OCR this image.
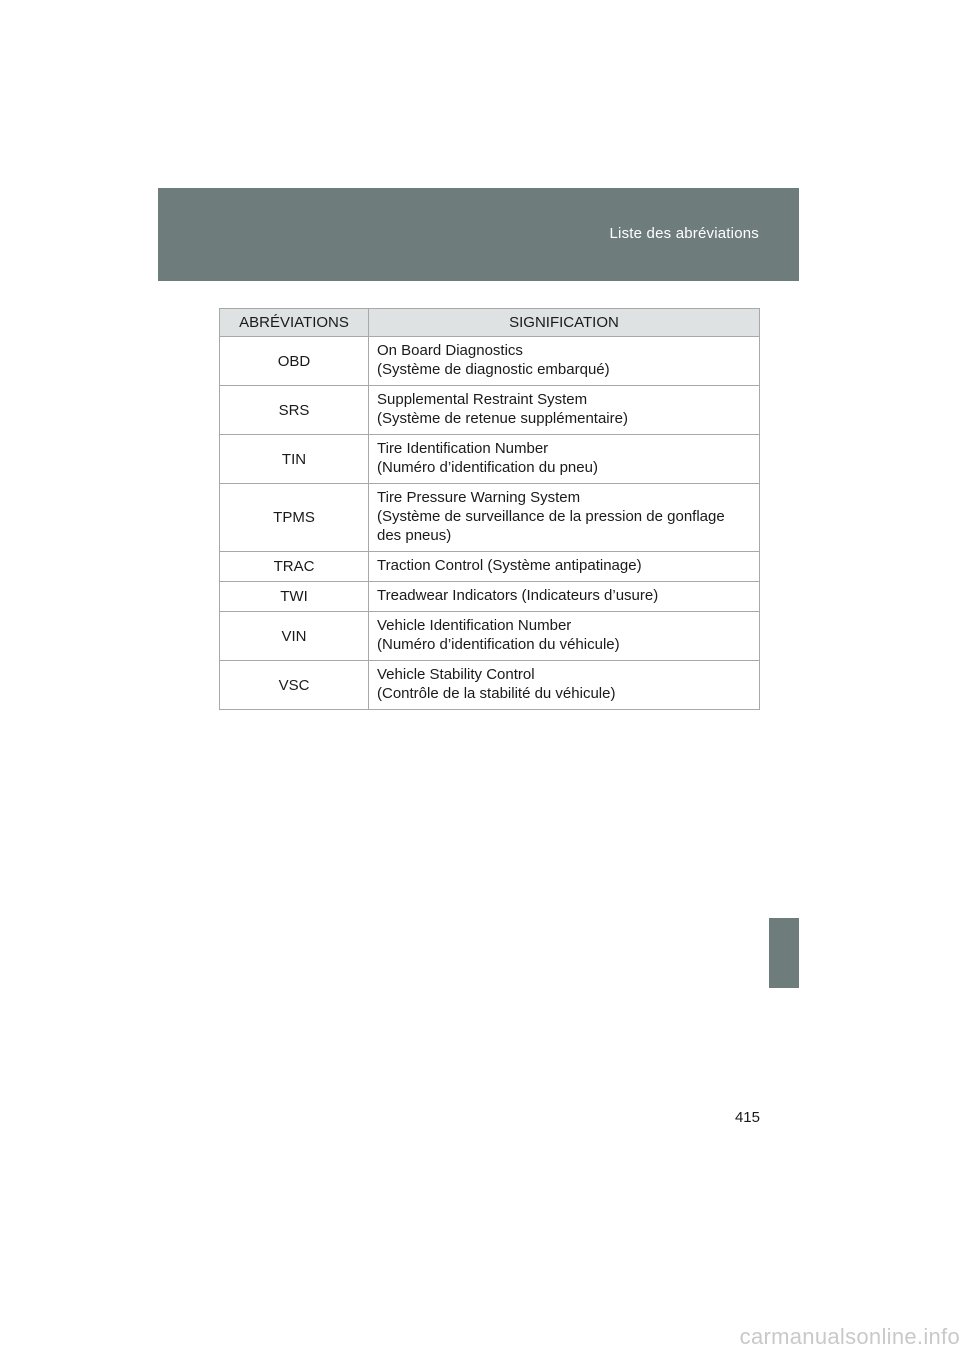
Liste des abréviations
ABRÉVIATIONS	SIGNIFICATION
OBD	On Board Diagnostics
(Système de diagnostic embarqué)

SRS	Supplemental Restraint System
(Système de retenue supplémentaire)

TIN	Tire Identification Number
(Numéro d’identification du pneu)

TPMS	Tire Pressure Warning System
(Système de surveillance de la pression de gonflage
des pneus)

TRAC	Traction Control (Système antipatinage)

TWI	Treadwear Indicators (Indicateurs d’usure)

VIN	Vehicle Identification Number
(Numéro d’identification du véhicule)

VSC	Vehicle Stability Control
(Contrôle de la stabilité du véhicule)
415
carmanualsonline.info
